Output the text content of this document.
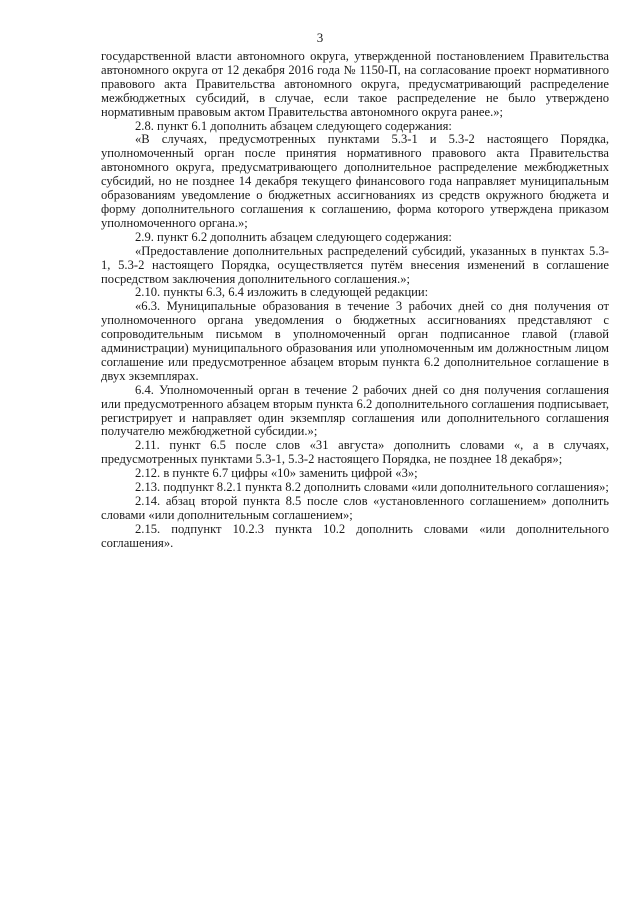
3

государственной власти автономного округа, утвержденной постановлением Правительства автономного округа от 12 декабря 2016 года № 1150-П, на согласование проект нормативного правового акта Правительства автономного округа, предусматривающий распределение межбюджетных субсидий, в случае, если такое распределение не было утверждено нормативным правовым актом Правительства автономного округа ранее.»;

2.8. пункт 6.1 дополнить абзацем следующего содержания:

«В случаях, предусмотренных пунктами 5.3-1 и 5.3-2 настоящего Порядка, уполномоченный орган после принятия нормативного правового акта Правительства автономного округа, предусматривающего дополнительное распределение межбюджетных субсидий, но не позднее 14 декабря текущего финансового года направляет муниципальным образованиям уведомление о бюджетных ассигнованиях из средств окружного бюджета и форму дополнительного соглашения к соглашению, форма которого утверждена приказом уполномоченного органа.»;

2.9. пункт 6.2 дополнить абзацем следующего содержания:

«Предоставление дополнительных распределений субсидий, указанных в пунктах 5.3-1, 5.3-2 настоящего Порядка, осуществляется путём внесения изменений в соглашение посредством заключения дополнительного соглашения.»;

2.10. пункты 6.3, 6.4 изложить в следующей редакции:

«6.3. Муниципальные образования в течение 3 рабочих дней со дня получения от уполномоченного органа уведомления о бюджетных ассигнованиях представляют с сопроводительным письмом в уполномоченный орган подписанное главой (главой администрации) муниципального образования или уполномоченным им должностным лицом соглашение или предусмотренное абзацем вторым пункта 6.2 дополнительное соглашение в двух экземплярах.

6.4. Уполномоченный орган в течение 2 рабочих дней со дня получения соглашения или предусмотренного абзацем вторым пункта 6.2 дополнительного соглашения подписывает, регистрирует и направляет один экземпляр соглашения или дополнительного соглашения получателю межбюджетной субсидии.»;

2.11. пункт 6.5 после слов «31 августа» дополнить словами «, а в случаях, предусмотренных пунктами 5.3-1, 5.3-2 настоящего Порядка, не позднее 18 декабря»;

2.12. в пункте 6.7 цифры «10» заменить цифрой «3»;

2.13. подпункт 8.2.1 пункта 8.2 дополнить словами «или дополнительного соглашения»;

2.14. абзац второй пункта 8.5 после слов «установленного соглашением» дополнить словами «или дополнительным соглашением»;

2.15. подпункт 10.2.3 пункта 10.2 дополнить словами «или дополнительного соглашения».
